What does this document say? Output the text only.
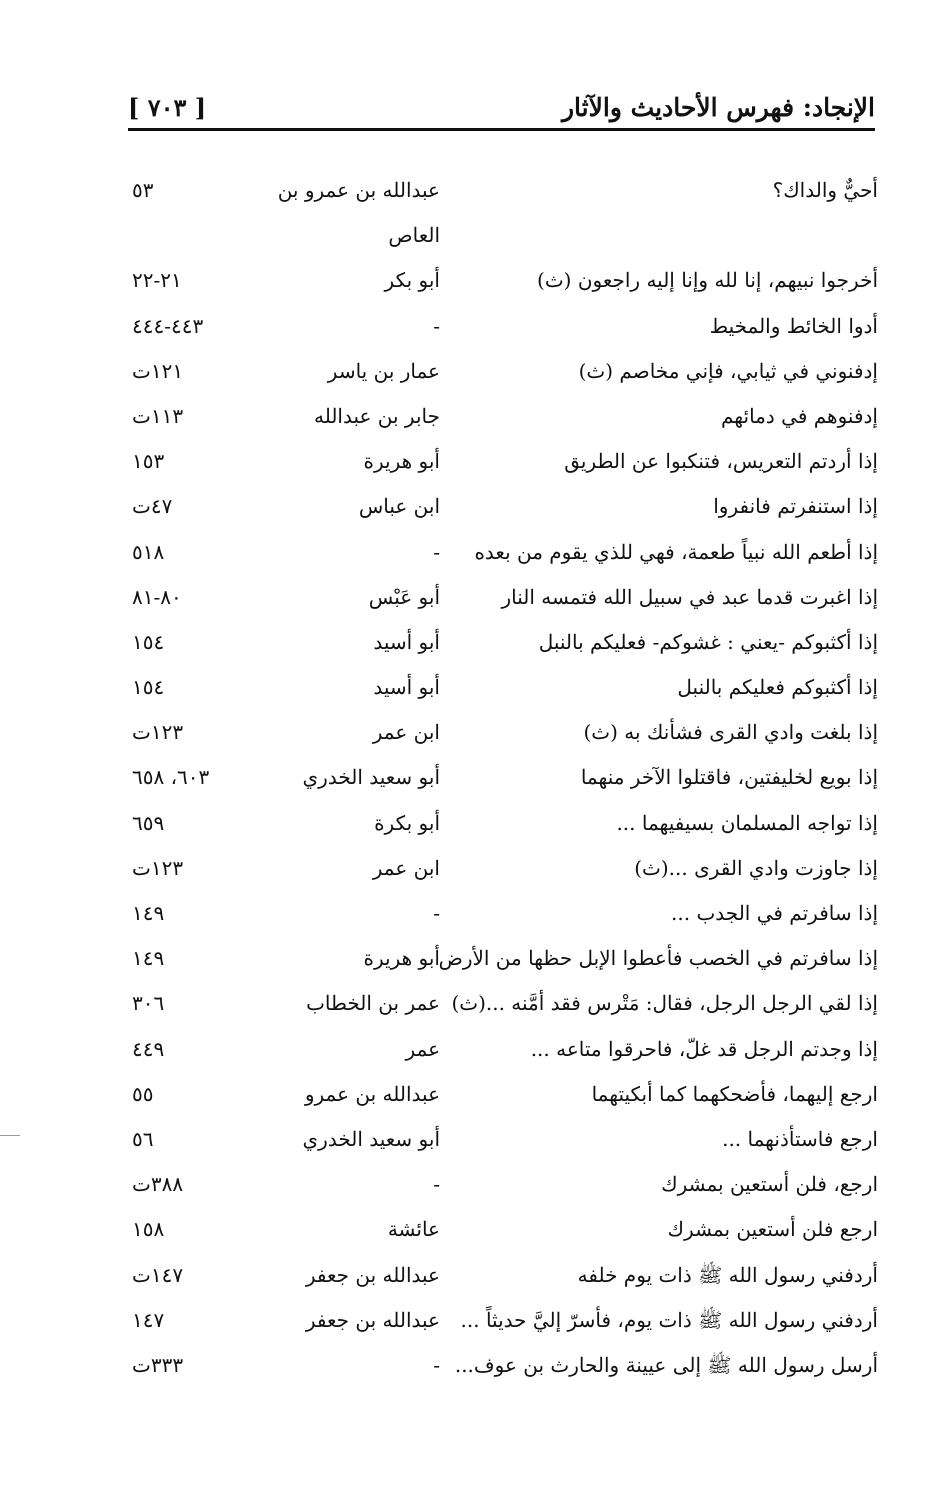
الإنجاد: فهرس الأحاديث والآثار
[ ٧٠٣ ]
أحيٌّ والداك؟
عبدالله بن عمرو بن العاص
٥٣
أخرجوا نبيهم، إنا لله وإنا إليه راجعون (ث)
أبو بكر
٢١-٢٢
أدوا الخائط والمخيط
-
٤٤٣-٤٤٤
إدفنوني في ثيابي، فإني مخاصم (ث)
عمار بن ياسر
١٢١ت
إدفنوهم في دمائهم
جابر بن عبدالله
١١٣ت
إذا أردتم التعريس، فتنكبوا عن الطريق
أبو هريرة
١٥٣
إذا استنفرتم فانفروا
ابن عباس
٤٧ت
إذا أطعم الله نبياً طعمة، فهي للذي يقوم من بعده
-
٥١٨
إذا اغبرت قدما عبد في سبيل الله فتمسه النار
أبو عَبْس
٨٠-٨١
إذا أكثبوكم -يعني : غشوكم- فعليكم بالنبل
أبو أسيد
١٥٤
إذا أكثبوكم فعليكم بالنبل
أبو أسيد
١٥٤
إذا بلغت وادي القرى فشأنك به (ث)
ابن عمر
١٢٣ت
إذا بويع لخليفتين، فاقتلوا الآخر منهما
أبو سعيد الخدري
٦٠٣، ٦٥٨
إذا تواجه المسلمان بسيفيهما ...
أبو بكرة
٦٥٩
إذا جاوزت وادي القرى ...(ث)
ابن عمر
١٢٣ت
إذا سافرتم في الجدب ...
-
١٤٩
إذا سافرتم في الخصب فأعطوا الإبل حظها من الأرض
أبو هريرة
١٤٩
إذا لقي الرجل الرجل، فقال: مَتْرس فقد أمَّنه ...(ث)
عمر بن الخطاب
٣٠٦
إذا وجدتم الرجل قد غلّ، فاحرقوا متاعه ...
عمر
٤٤٩
ارجع إليهما، فأضحكهما كما أبكيتهما
عبدالله بن عمرو
٥٥
ارجع فاستأذنهما ...
أبو سعيد الخدري
٥٦
ارجع، فلن أستعين بمشرك
-
٣٨٨ت
ارجع فلن أستعين بمشرك
عائشة
١٥٨
أردفني رسول الله ﷺ ذات يوم خلفه
عبدالله بن جعفر
١٤٧ت
أردفني رسول الله ﷺ ذات يوم، فأسرّ إليَّ حديثاً ...
عبدالله بن جعفر
١٤٧
أرسل رسول الله ﷺ إلى عيينة والحارث بن عوف...
-
٣٣٣ت
